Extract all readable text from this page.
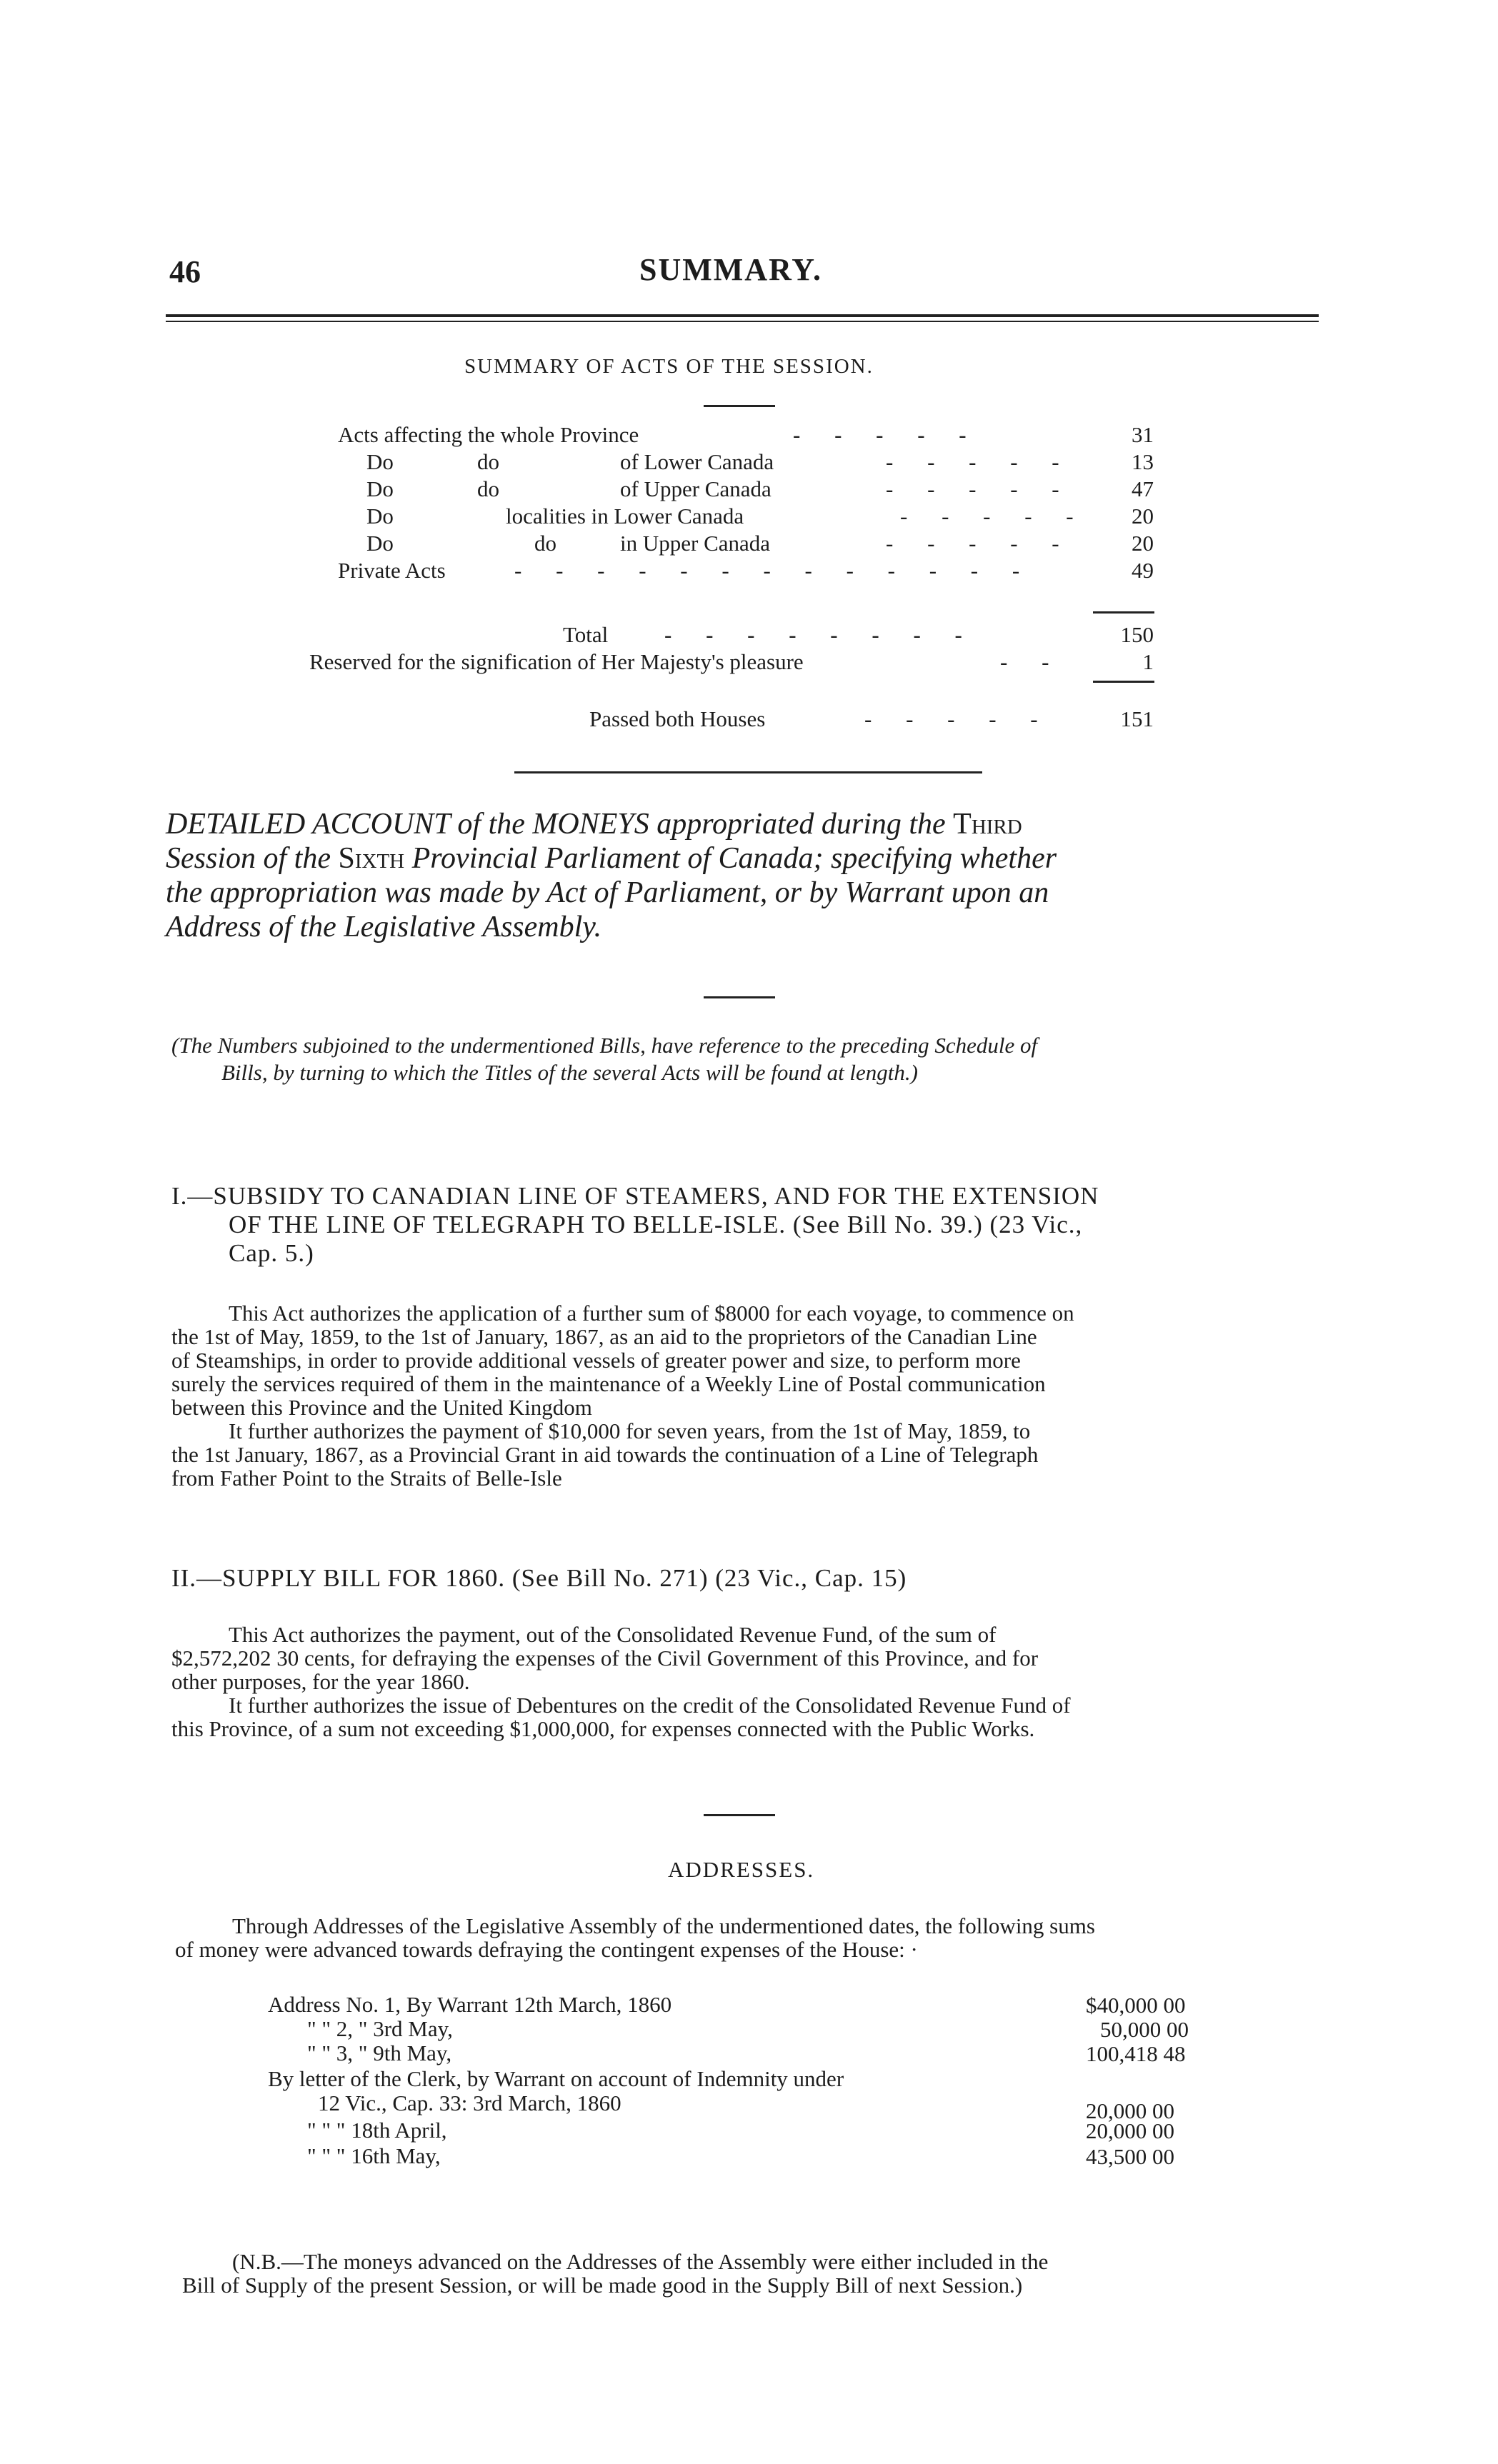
46	SUMMARY.
SUMMARY OF ACTS OF THE SESSION.
Acts affecting the whole Province	- - - - -	31
Do	do	of Lower Canada	- - - - -	13
Do	do	of Upper Canada	- - - - -	47
Do	localities in Lower Canada	- - - - -	20
Do	do	in Upper Canada	- - - - -	20
Private Acts	- - - - - - - - - - - - -	49
Total	- - - - - - - -	150
Reserved for the signification of Her Majesty's pleasure	- -	1
Passed both Houses	- - - - -	151
DETAILED ACCOUNT of the MONEYS appropriated during the Third
Session of the Sixth Provincial Parliament of Canada; specifying whether
the appropriation was made by Act of Parliament, or by Warrant upon an
Address of the Legislative Assembly.
(The Numbers subjoined to the undermentioned Bills, have reference to the preceding Schedule of
Bills, by turning to which the Titles of the several Acts will be found at length.)
I.—SUBSIDY TO CANADIAN LINE OF STEAMERS, AND FOR THE EXTENSION
OF THE LINE OF TELEGRAPH TO BELLE-ISLE. (See Bill No. 39.) (23 Vic.,
Cap. 5.)
This Act authorizes the application of a further sum of $8000 for each voyage, to commence on
the 1st of May, 1859, to the 1st of January, 1867, as an aid to the proprietors of the Canadian Line
of Steamships, in order to provide additional vessels of greater power and size, to perform more
surely the services required of them in the maintenance of a Weekly Line of Postal communication
between this Province and the United Kingdom
It further authorizes the payment of $10,000 for seven years, from the 1st of May, 1859, to
the 1st January, 1867, as a Provincial Grant in aid towards the continuation of a Line of Telegraph
from Father Point to the Straits of Belle-Isle
II.—SUPPLY BILL FOR 1860. (See Bill No. 271) (23 Vic., Cap. 15)
This Act authorizes the payment, out of the Consolidated Revenue Fund, of the sum of
$2,572,202 30 cents, for defraying the expenses of the Civil Government of this Province, and for
other purposes, for the year 1860.
It further authorizes the issue of Debentures on the credit of the Consolidated Revenue Fund of
this Province, of a sum not exceeding $1,000,000, for expenses connected with the Public Works.
ADDRESSES.
Through Addresses of the Legislative Assembly of the undermentioned dates, the following sums
of money were advanced towards defraying the contingent expenses of the House: ·
Address No. 1, By Warrant 12th March, 1860	$40,000 00
" " 2, " 3rd May,	50,000 00
" " 3, " 9th May,	100,418 48
By letter of the Clerk, by Warrant on account of Indemnity under
12 Vic., Cap. 33: 3rd March, 1860	20,000 00
" " " 18th April,	20,000 00
" " " 16th May,	43,500 00
(N.B.—The moneys advanced on the Addresses of the Assembly were either included in the
Bill of Supply of the present Session, or will be made good in the Supply Bill of next Session.)
